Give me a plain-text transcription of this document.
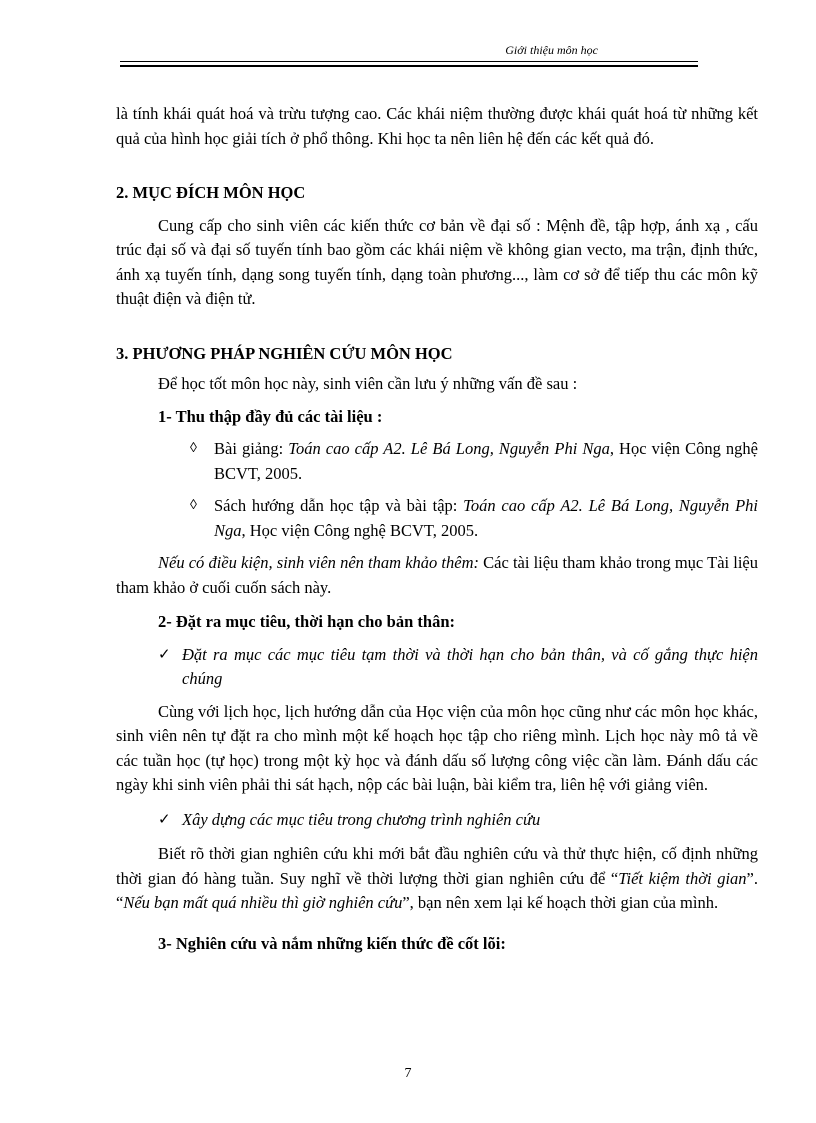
Giới thiệu môn học

là tính khái quát hoá và trừu tượng cao. Các khái niệm thường được khái quát hoá từ những kết quả của hình học giải tích ở phổ thông. Khi học ta nên liên hệ đến các kết quả đó.

2. MỤC ĐÍCH MÔN HỌC

Cung cấp cho sinh viên các kiến thức cơ bản về đại số : Mệnh đề, tập hợp, ánh xạ , cấu trúc đại số và đại số tuyến tính bao gồm các khái niệm về không gian vecto, ma trận, định thức, ánh xạ tuyến tính, dạng song tuyến tính, dạng toàn phương..., làm cơ sở để tiếp thu các môn kỹ thuật điện và điện tử.

3. PHƯƠNG PHÁP NGHIÊN CỨU MÔN HỌC

Để học tốt môn học này, sinh viên cần lưu ý những vấn đề sau :

1- Thu thập đầy đủ các tài liệu :

◊	Bài giảng: Toán cao cấp A2. Lê Bá Long, Nguyễn Phi Nga, Học viện Công nghệ BCVT, 2005.
◊	Sách hướng dẫn học tập và bài tập: Toán cao cấp A2. Lê Bá Long, Nguyễn Phi Nga, Học viện Công nghệ BCVT, 2005.

Nếu có điều kiện, sinh viên nên tham khảo thêm: Các tài liệu tham khảo trong mục Tài liệu tham khảo ở cuối cuốn sách này.

2- Đặt ra mục tiêu, thời hạn cho bản thân:

✓ Đặt ra mục các mục tiêu tạm thời và thời hạn cho bản thân, và cố gắng thực hiện chúng

Cùng với lịch học, lịch hướng dẫn của Học viện của môn học cũng như các môn học khác, sinh viên nên tự đặt ra cho mình một kế hoạch học tập cho riêng mình. Lịch học này mô tả về các tuần học (tự học) trong một kỳ học và đánh dấu số lượng công việc cần làm. Đánh dấu các ngày khi sinh viên phải thi sát hạch, nộp các bài luận, bài kiểm tra, liên hệ với giảng viên.

✓ Xây dựng các mục tiêu trong chương trình nghiên cứu

Biết rõ thời gian nghiên cứu khi mới bắt đầu nghiên cứu và thử thực hiện, cố định những thời gian đó hàng tuần. Suy nghĩ về thời lượng thời gian nghiên cứu để “Tiết kiệm thời gian”. “Nếu bạn mất quá nhiều thì giờ nghiên cứu”, bạn nên xem lại kế hoạch thời gian của mình.

3- Nghiên cứu và nắm những kiến thức đề cốt lõi:

7
